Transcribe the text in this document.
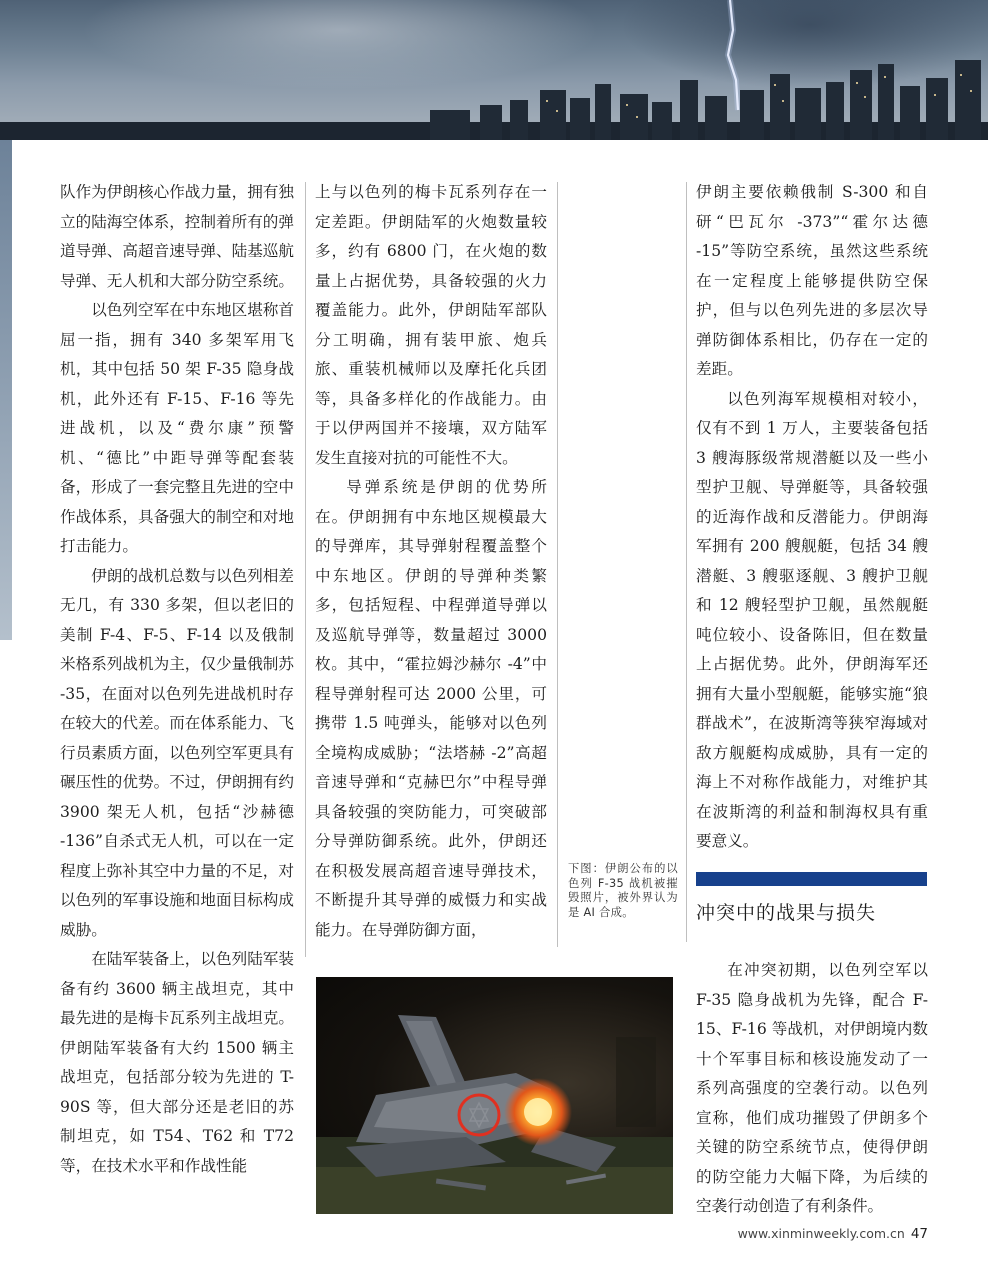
队作为伊朗核心作战力量，拥有独立的陆海空体系，控制着所有的弹道导弹、高超音速导弹、陆基巡航导弹、无人机和大部分防空系统。

以色列空军在中东地区堪称首屈一指，拥有 340 多架军用飞机，其中包括 50 架 F-35 隐身战机，此外还有 F-15、F-16 等先进战机，以及“费尔康”预警机、“德比”中距导弹等配套装备，形成了一套完整且先进的空中作战体系，具备强大的制空和对地打击能力。

伊朗的战机总数与以色列相差无几，有 330 多架，但以老旧的美制 F-4、F-5、F-14 以及俄制米格系列战机为主，仅少量俄制苏 -35，在面对以色列先进战机时存在较大的代差。而在体系能力、飞行员素质方面，以色列空军更具有碾压性的优势。不过，伊朗拥有约 3900 架无人机，包括“沙赫德 -136”自杀式无人机，可以在一定程度上弥补其空中力量的不足，对以色列的军事设施和地面目标构成威胁。

在陆军装备上，以色列陆军装备有约 3600 辆主战坦克，其中最先进的是梅卡瓦系列主战坦克。伊朗陆军装备有大约 1500 辆主战坦克，包括部分较为先进的 T-90S 等，但大部分还是老旧的苏制坦克，如 T54、T62 和 T72 等，在技术水平和作战性能

上与以色列的梅卡瓦系列存在一定差距。伊朗陆军的火炮数量较多，约有 6800 门，在火炮的数量上占据优势，具备较强的火力覆盖能力。此外，伊朗陆军部队分工明确，拥有装甲旅、炮兵旅、重装机械师以及摩托化兵团等，具备多样化的作战能力。由于以伊两国并不接壤，双方陆军发生直接对抗的可能性不大。

导弹系统是伊朗的优势所在。伊朗拥有中东地区规模最大的导弹库，其导弹射程覆盖整个中东地区。伊朗的导弹种类繁多，包括短程、中程弹道导弹以及巡航导弹等，数量超过 3000 枚。其中，“霍拉姆沙赫尔 -4”中程导弹射程可达 2000 公里，可携带 1.5 吨弹头，能够对以色列全境构成威胁；“法塔赫 -2”高超音速导弹和“克赫巴尔”中程导弹具备较强的突防能力，可突破部分导弹防御系统。此外，伊朗还在积极发展高超音速导弹技术，不断提升其导弹的威慑力和实战能力。在导弹防御方面，

伊朗主要依赖俄制 S-300 和自研“巴瓦尔 -373”“霍尔达德 -15”等防空系统，虽然这些系统在一定程度上能够提供防空保护，但与以色列先进的多层次导弹防御体系相比，仍存在一定的差距。

以色列海军规模相对较小，仅有不到 1 万人，主要装备包括 3 艘海豚级常规潜艇以及一些小型护卫舰、导弹艇等，具备较强的近海作战和反潜能力。伊朗海军拥有 200 艘舰艇，包括 34 艘潜艇、3 艘驱逐舰、3 艘护卫舰和 12 艘轻型护卫舰，虽然舰艇吨位较小、设备陈旧，但在数量上占据优势。此外，伊朗海军还拥有大量小型舰艇，能够实施“狼群战术”，在波斯湾等狭窄海域对敌方舰艇构成威胁，具有一定的海上不对称作战能力，对维护其在波斯湾的利益和制海权具有重要意义。

下图：伊朗公布的以色列 F-35 战机被摧毁照片，被外界认为是 AI 合成。	冲突中的战果与损失

在冲突初期，以色列空军以 F-35 隐身战机为先锋，配合 F-15、F-16 等战机，对伊朗境内数十个军事目标和核设施发动了一系列高强度的空袭行动。以色列宣称，他们成功摧毁了伊朗多个关键的防空系统节点，使得伊朗的防空能力大幅下降，为后续的空袭行动创造了有利条件。

www.xinminweekly.com.cn 47
